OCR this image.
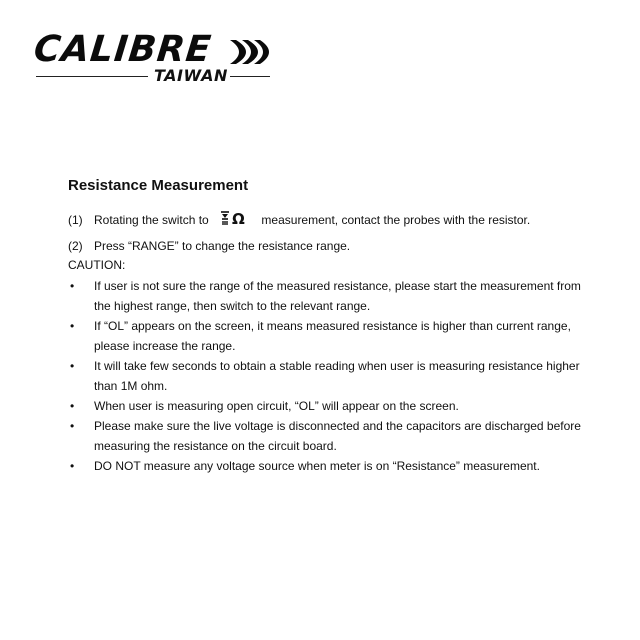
CALIBRE
TAIWAN
Resistance Measurement
(1) Rotating the switch to Ω measurement, contact the probes with the resistor.
(2) Press “RANGE” to change the resistance range.
CAUTION:
• If user is not sure the range of the measured resistance, please start the measurement from the highest range, then switch to the relevant range.
• If “OL” appears on the screen, it means measured resistance is higher than current range, please increase the range.
• It will take few seconds to obtain a stable reading when user is measuring resistance higher than 1M ohm.
• When user is measuring open circuit, “OL” will appear on the screen.
• Please make sure the live voltage is disconnected and the capacitors are discharged before measuring the resistance on the circuit board.
• DO NOT measure any voltage source when meter is on “Resistance” measurement.
